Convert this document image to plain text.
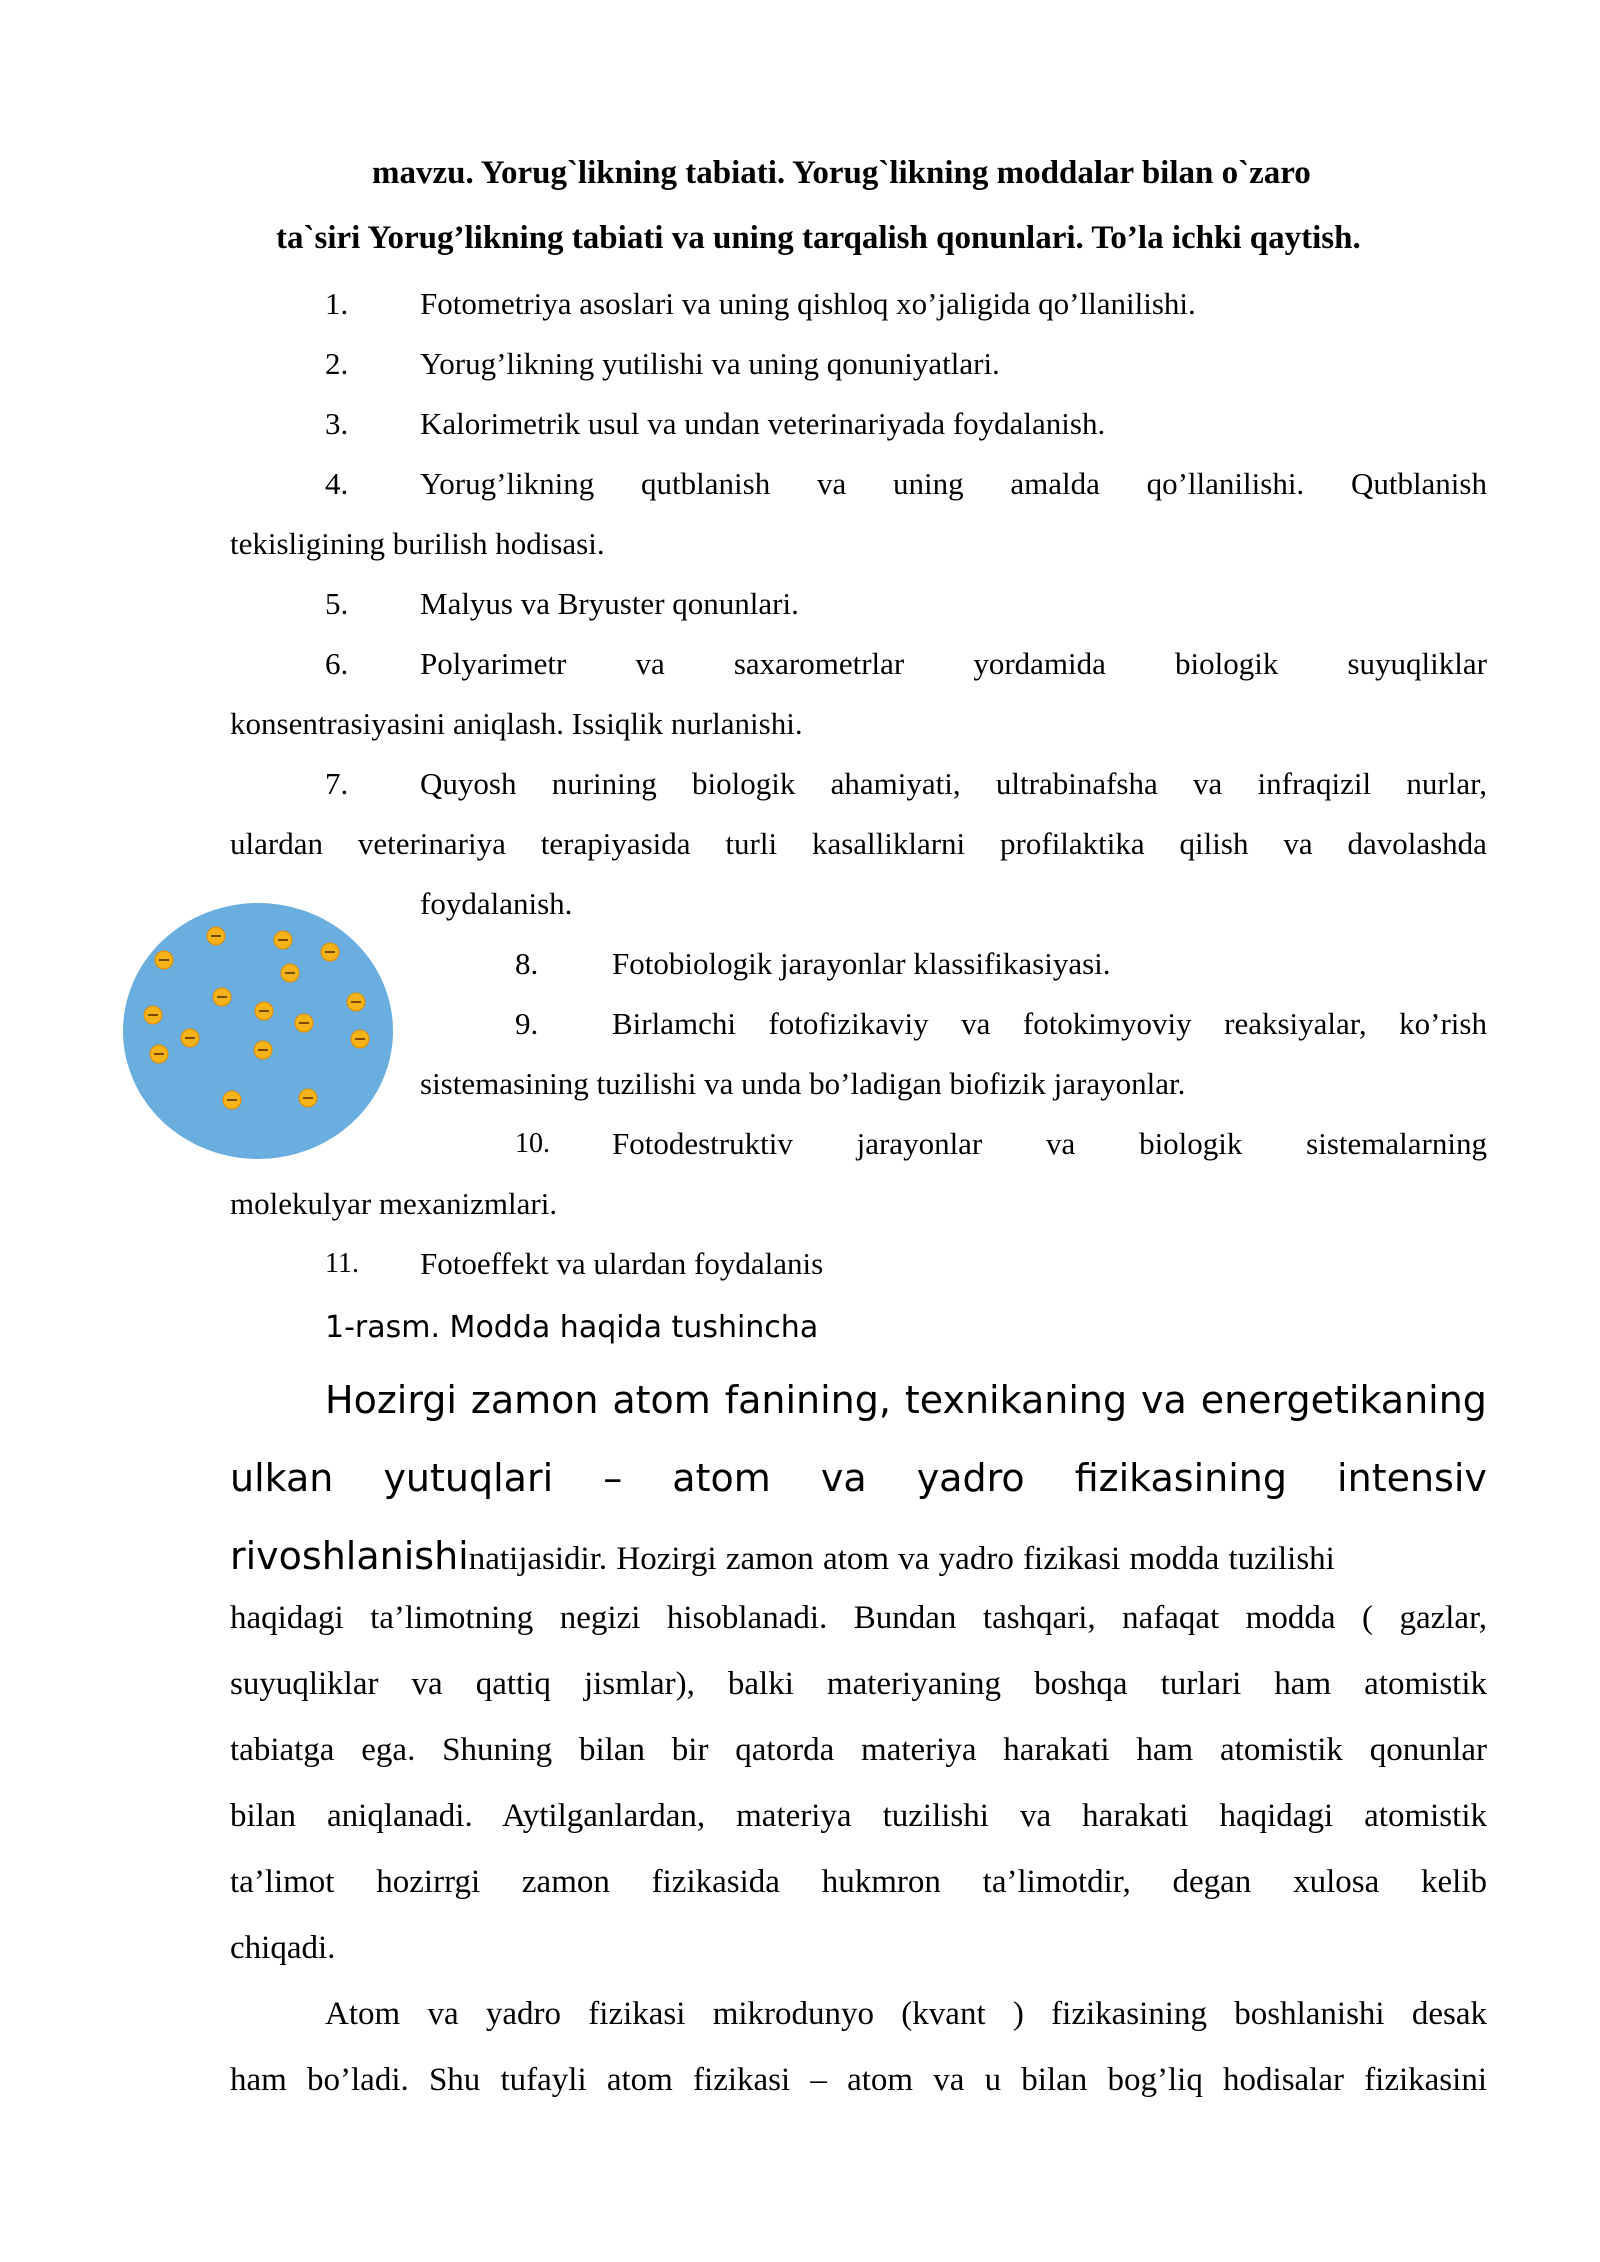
mavzu. Yorug`likning tabiati. Yorug`likning moddalar bilan o`zaro
ta`siri Yorug’likning tabiati va uning tarqalish qonunlari. To’la ichki qaytish.
1. Fotometriya asoslari va uning qishloq xo’jaligida qo’llanilishi.
2. Yorug’likning yutilishi va uning qonuniyatlari.
3. Kalorimetrik usul va undan veterinariyada foydalanish.
4. Yorug’likning qutblanish va uning amalda qo’llanilishi. Qutblanish
tekisligining burilish hodisasi.
5. Malyus va Bryuster qonunlari.
6. Polyarimetr va saxarometrlar yordamida biologik suyuqliklar
konsentrasiyasini aniqlash. Issiqlik nurlanishi.
7. Quyosh nurining biologik ahamiyati, ultrabinafsha va infraqizil nurlar,
ulardan veterinariya terapiyasida turli kasalliklarni profilaktika qilish va davolashda
foydalanish.
8. Fotobiologik jarayonlar klassifikasiyasi.
9. Birlamchi fotofizikaviy va fotokimyoviy reaksiyalar, ko’rish
sistemasining tuzilishi va unda bo’ladigan biofizik jarayonlar.
10. Fotodestruktiv jarayonlar va biologik sistemalarning
molekulyar mexanizmlari.
11. Fotoeffekt va ulardan foydalanis
1-rasm. Modda haqida tushincha
Hozirgi zamon atom fanining, texnikaning va energetikaning
ulkan yutuqlari – atom va yadro fizikasining intensiv
rivoshlanishinatijasidir. Hozirgi zamon atom va yadro fizikasi modda tuzilishi
haqidagi ta’limotning negizi hisoblanadi. Bundan tashqari, nafaqat modda ( gazlar,
suyuqliklar va qattiq jismlar), balki materiyaning boshqa turlari ham atomistik
tabiatga ega. Shuning bilan bir qatorda materiya harakati ham atomistik qonunlar
bilan aniqlanadi. Aytilganlardan, materiya tuzilishi va harakati haqidagi atomistik
ta’limot hozirrgi zamon fizikasida hukmron ta’limotdir, degan xulosa kelib
chiqadi.
Atom va yadro fizikasi mikrodunyo (kvant ) fizikasining boshlanishi desak
ham bo’ladi. Shu tufayli atom fizikasi – atom va u bilan bog’liq hodisalar fizikasini
